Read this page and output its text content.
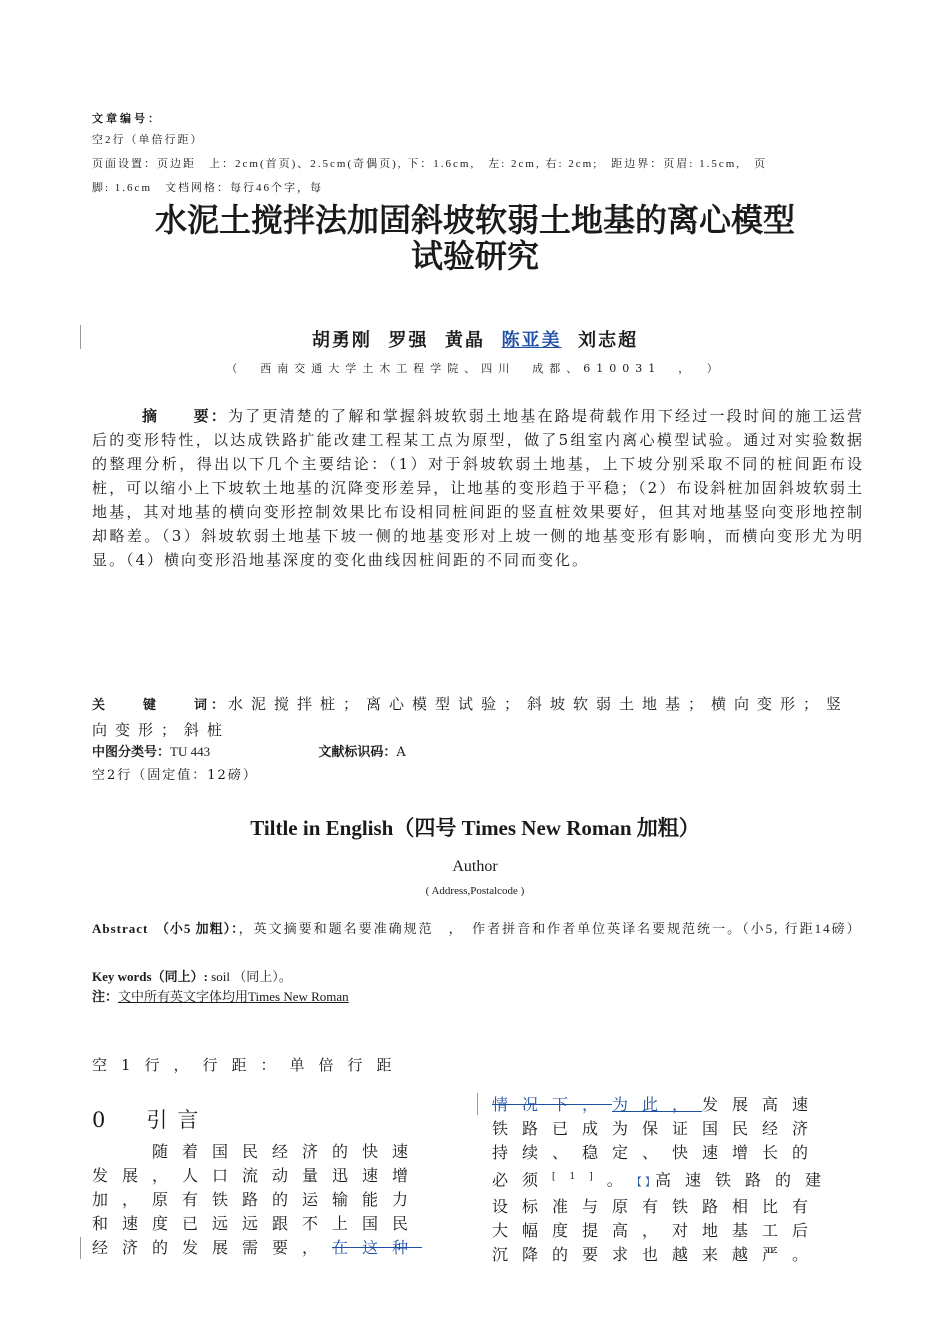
文章编号：
空2行（单倍行距）
页面设置：页边距　上：2cm(首页)、2.5cm(奇偶页), 下：1.6cm,　左: 2cm, 右: 2cm;　距边界：页眉: 1.5cm,　页
脚: 1.6cm　文档网格：每行46个字，每
水泥土搅拌法加固斜坡软弱土地基的离心模型
试验研究
胡勇刚 罗强 黄晶 陈亚美 刘志超
（　西南交通大学土木工程学院、四川　成都、610031　，　）
摘　　要：为了更清楚的了解和掌握斜坡软弱土地基在路堤荷载作用下经过一段时间的施工运营后的变形特性，以达成铁路扩能改建工程某工点为原型，做了5组室内离心模型试验。通过对实验数据的整理分析，得出以下几个主要结论：（1）对于斜坡软弱土地基，上下坡分别采取不同的桩间距布设桩，可以缩小上下坡软土地基的沉降变形差异，让地基的变形趋于平稳；（2）布设斜桩加固斜坡软弱土地基，其对地基的横向变形控制效果比布设相同桩间距的竖直桩效果要好，但其对地基竖向变形地控制却略差。（3）斜坡软弱土地基下坡一侧的地基变形对上坡一侧的地基变形有影响，而横向变形尤为明显。（4）横向变形沿地基深度的变化曲线因桩间距的不同而变化。
关　　键　　词：水泥搅拌桩；离心模型试验；斜坡软弱土地基；横向变形；竖向变形；斜桩
中图分类号：TU 443	文献标识码：A
空2行（固定值：12磅）
Tiltle in English（四号 Times New Roman 加粗）
Author
( Address,Postalcode )
Abstract　（小5 加粗）：，英文摘要和题名要准确规范　，　作者拼音和作者单位英译名要规范统一。（小5, 行距14磅）
Key words（同上）: soil （同上）。
注：文中所有英文字体均用Times New Roman
空1行，行距：单倍行距
0　引言
　随着国民经济的快速
发展，人口流动量迅速增
加，原有铁路的运输能力
和速度已远远跟不上国民
经济的发展需要，在这种
情况下，为此，发展高速
铁路已成为保证国民经济
持续、稳定、快速增长的
必须[1]。【 】高速铁路的建
设标准与原有铁路相比有
大幅度提高，对地基工后
沉降的要求也越来越严。
